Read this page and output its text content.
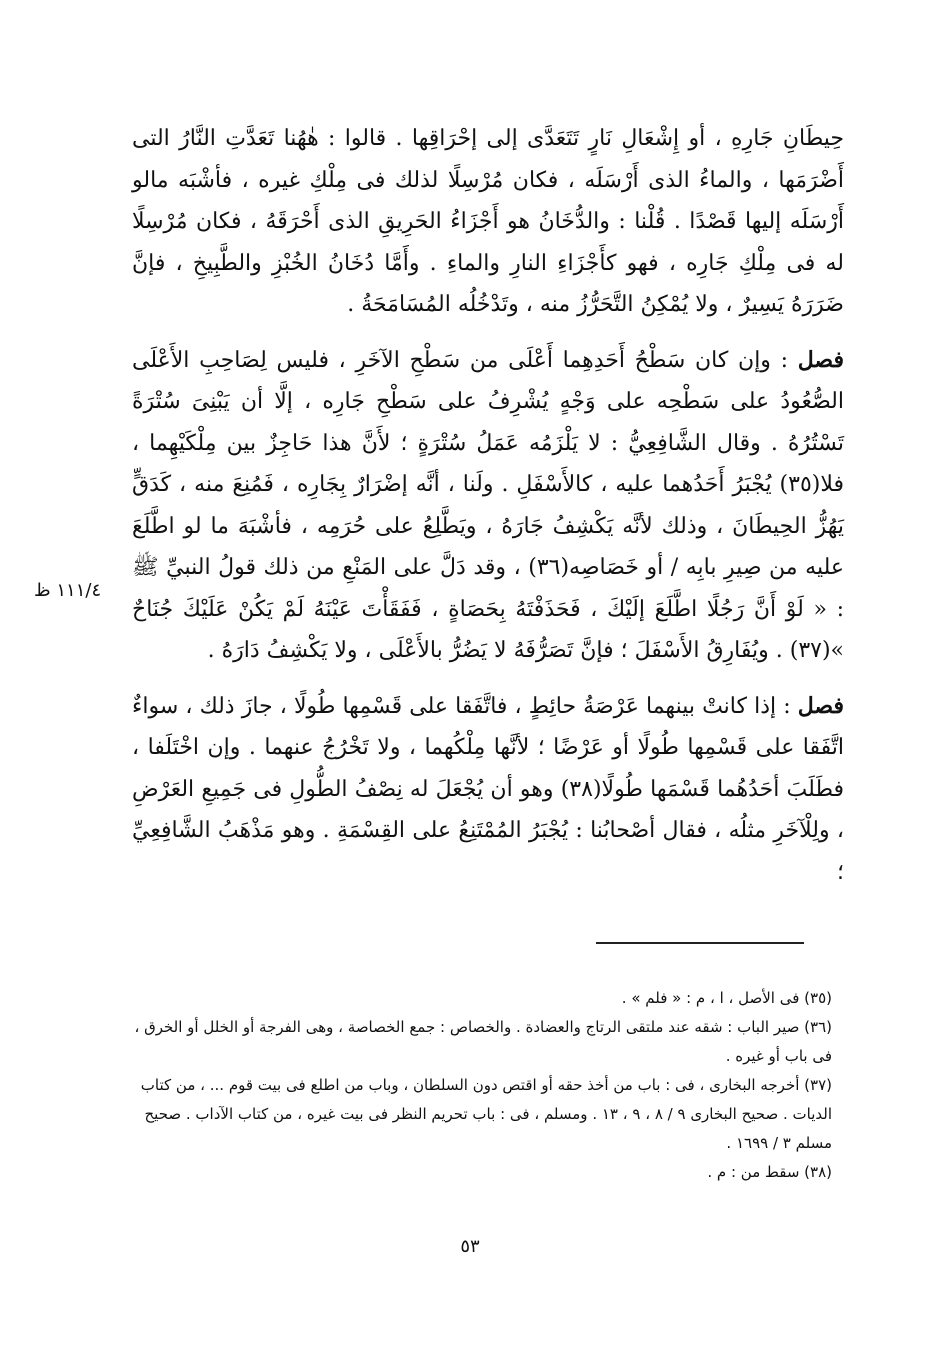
حِيطَانِ جَارِهِ ، أو إِشْعَالِ نَارٍ تَتَعَدَّى إلى إحْرَاقِها . قالوا : هٰهُنا تَعَدَّتِ النَّارُ التى أَضْرَمَها ، والماءُ الذى أَرْسَلَه ، فكان مُرْسِلًا لذلك فى مِلْكِ غيره ، فأشْبَه مالو أَرْسَلَه إليها قَصْدًا . قُلْنا : والدُّخَانُ هو أَجْزَاءُ الحَرِيقِ الذى أَحْرَقَهُ ، فكان مُرْسِلًا له فى مِلْكِ جَارِه ، فهو كأَجْزَاءِ النارِ والماءِ . وأَمَّا دُخَانُ الخُبْزِ والطَّبِيخِ ، فإنَّ ضَرَرَهُ يَسِيرٌ ، ولا يُمْكِنُ التَّحَرُّزُ منه ، وتَدْخُلُه المُسَامَحَةُ .

فصل : وإن كان سَطْحُ أَحَدِهِما أَعْلَى من سَطْحِ الآخَرِ ، فليس لِصَاحِبِ الأَعْلَى الصُّعُودُ على سَطْحِه على وَجْهٍ يُشْرِفُ على سَطْحِ جَارِه ، إلَّا أن يَبْنِىَ سُتْرَةً تَسْتُرُهُ . وقال الشَّافِعِيُّ : لا يَلْزَمُه عَمَلُ سُتْرَةٍ ؛ لأَنَّ هذا حَاجِزٌ بين مِلْكَيْهِما ، فلا(٣٥) يُجْبَرُ أَحَدُهما عليه ، كالأَسْفَلِ . ولَنا ، أنَّه إضْرَارٌ بِجَارِه ، فَمُنِعَ منه ، كَدَقٍّ يَهُزُّ الحِيطَانَ ، وذلك لأنَّه يَكْشِفُ جَارَهُ ، ويَطَّلِعُ على حُرَمِه ، فأشْبَهَ ما لو اطَّلَعَ عليه من صِيرِ بابِه / أو خَصَاصِه(٣٦) ، وقد دَلَّ على المَنْعِ من ذلك قولُ النبيِّ ﷺ : « لَوْ أَنَّ رَجُلًا اطَّلَعَ إلَيْكَ ، فَحَذَفْتَهُ بِحَصَاةٍ ، فَفَقَأْتَ عَيْنَهُ لَمْ يَكُنْ عَلَيْكَ جُنَاحٌ »(٣٧) . ويُفَارِقُ الأَسْفَلَ ؛ فإنَّ تَصَرُّفَهُ لا يَضُرُّ بالأَعْلَى ، ولا يَكْشِفُ دَارَهُ .

فصل : إذا كانتْ بينهما عَرْصَةُ حائِطٍ ، فاتَّفَقا على قَسْمِها طُولًا ، جازَ ذلك ، سواءٌ اتَّفَقا على قَسْمِها طُولًا أو عَرْضًا ؛ لأنَّها مِلْكُهما ، ولا تَخْرُجُ عنهما . وإن اخْتَلَفا ، فطَلَبَ أحَدُهُما قَسْمَها طُولًا(٣٨) وهو أن يُجْعَلَ له نِصْفُ الطُّولِ فى جَمِيعِ العَرْضِ ، ولِلْآخَرِ مثلُه ، فقال أصْحابُنا : يُجْبَرُ المُمْتَنِعُ على القِسْمَةِ . وهو مَذْهَبُ الشَّافِعِيِّ ؛

١١١/٤ ظ

(٣٥) فى الأصل ، ا ، م : « فلم » .

(٣٦) صير الباب : شقه عند ملتقى الرتاج والعضادة . والخصاص : جمع الخصاصة ، وهى الفرجة أو الخلل أو الخرق ، فى باب أو غيره .

(٣٧) أخرجه البخارى ، فى : باب من أخذ حقه أو اقتص دون السلطان ، وباب من اطلع فى بيت قوم ... ، من كتاب الديات . صحيح البخارى ٩ / ٨ ، ٩ ، ١٣ . ومسلم ، فى : باب تحريم النظر فى بيت غيره ، من كتاب الآداب . صحيح مسلم ٣ / ١٦٩٩ .

(٣٨) سقط من : م .

٥٣
